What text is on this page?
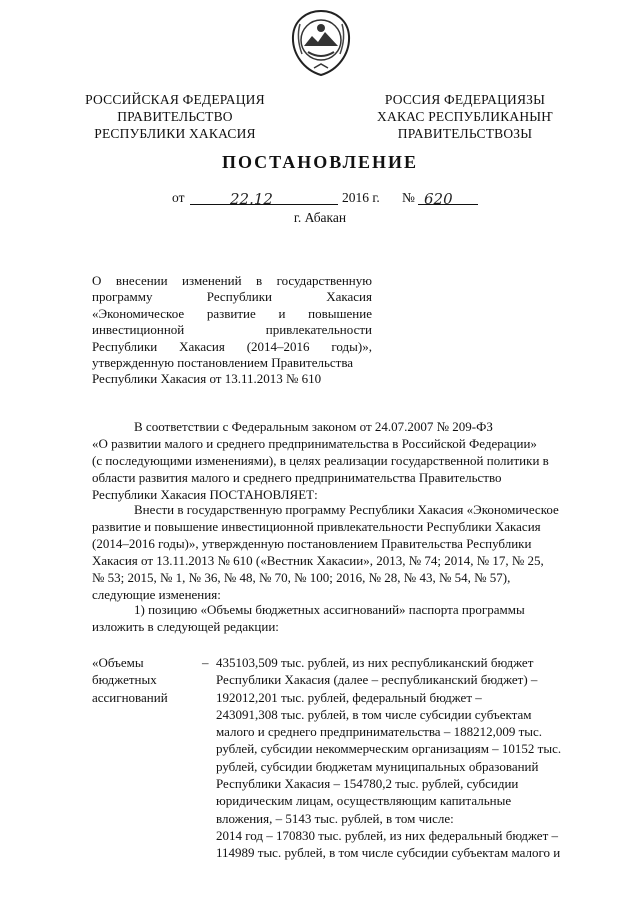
РОССИЙСКАЯ ФЕДЕРАЦИЯ
ПРАВИТЕЛЬСТВО
РЕСПУБЛИКИ ХАКАСИЯ
РОССИЯ ФЕДЕРАЦИЯЗЫ
ХАКАС РЕСПУБЛИКАНЫҤ
ПРАВИТЕЛЬСТВОЗЫ
ПОСТАНОВЛЕНИЕ
от	22.12	2016 г. № 620
г. Абакан
О внесении изменений в государственную
программу	Республики	Хакасия
«Экономическое развитие и повышение
инвестиционной	привлекательности
Республики Хакасия (2014–2016 годы)»,
утвержденную постановлением Правительства
Республики Хакасия от 13.11.2013 № 610
В соответствии с Федеральным законом от 24.07.2007 № 209-ФЗ
«О развитии малого и среднего предпринимательства в Российской Федерации»
(с последующими изменениями), в целях реализации государственной политики в
области развития малого и среднего предпринимательства Правительство
Республики Хакасия ПОСТАНОВЛЯЕТ:
Внести в государственную программу Республики Хакасия «Экономическое
развитие и повышение инвестиционной привлекательности Республики Хакасия
(2014–2016 годы)», утвержденную постановлением Правительства Республики
Хакасия от 13.11.2013 № 610 («Вестник Хакасии», 2013, № 74; 2014, № 17, № 25,
№ 53; 2015, № 1, № 36, № 48, № 70, № 100; 2016, № 28, № 43, № 54, № 57),
следующие изменения:
1) позицию «Объемы бюджетных ассигнований» паспорта программы
изложить в следующей редакции:
«Объемы
бюджетных
ассигнований
– 435103,509 тыс. рублей, из них республиканский бюджет
Республики Хакасия (далее – республиканский бюджет) –
192012,201 тыс. рублей, федеральный бюджет –
243091,308 тыс. рублей, в том числе субсидии субъектам
малого и среднего предпринимательства – 188212,009 тыс.
рублей, субсидии некоммерческим организациям – 10152 тыс.
рублей, субсидии бюджетам муниципальных образований
Республики Хакасия – 154780,2 тыс. рублей, субсидии
юридическим лицам, осуществляющим капитальные
вложения, – 5143 тыс. рублей, в том числе:
2014 год – 170830 тыс. рублей, из них федеральный бюджет –
114989 тыс. рублей, в том числе субсидии субъектам малого и
